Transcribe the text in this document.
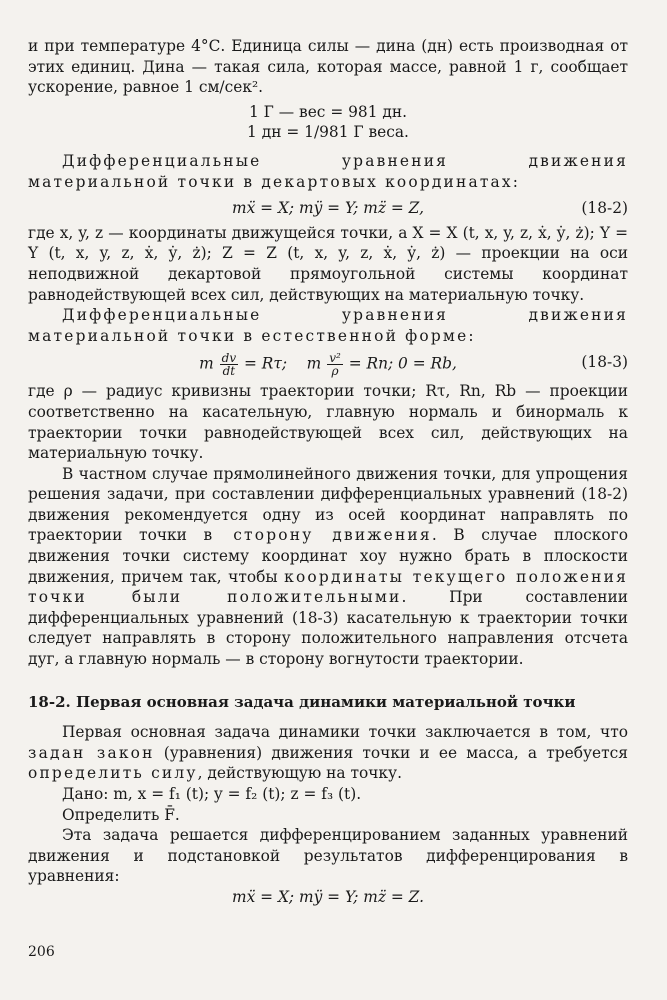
и при температуре 4°С. Единица силы — дина (дн) есть производная от этих единиц. Дина — такая сила, которая массе, равной 1 г, сообщает ускорение, равное 1 см/сек².

1 Г — вес = 981 дн.

1 дн = 1/981 Г веса.

Дифференциальные уравнения движения материальной точки в декартовых координатах:

mẍ = X; mÿ = Y; mz̈ = Z,	(18-2)

где x, y, z — координаты движущейся точки, а X = X (t, x, y, z, ẋ, ẏ, ż); Y = Y (t, x, y, z, ẋ, ẏ, ż); Z = Z (t, x, y, z, ẋ, ẏ, ż) — проекции на оси неподвижной декартовой прямоугольной системы координат равнодействующей всех сил, действующих на материальную точку.

Дифференциальные уравнения движения материальной точки в естественной форме:

m $\frac{dv}{dt} = R\tau$; m $\frac{\text{v²}}{\rho} = Rn$; 0 = Rb,	(18-3)

где ρ — радиус кривизны траектории точки; Rτ, Rn, Rb — проекции соответственно на касательную, главную нормаль и бинормаль к траектории точки равнодействующей всех сил, действующих на материальную точку.

В частном случае прямолинейного движения точки, для упрощения решения задачи, при составлении дифференциальных уравнений (18-2) движения рекомендуется одну из осей координат направлять по траектории точки в сторону движения. В случае плоского движения точки систему координат xoy нужно брать в плоскости движения, причем так, чтобы координаты текущего положения точки были положительными. При составлении дифференциальных уравнений (18-3) касательную к траектории точки следует направлять в сторону положительного направления отсчета дуг, а главную нормаль — в сторону вогнутости траектории.

18-2. Первая основная задача динамики материальной точки

Первая основная задача динамики точки заключается в том, что задан закон (уравнения) движения точки и ее масса, а требуется определить силу, действующую на точку.

Дано: m, x = f₁ (t); y = f₂ (t); z = f₃ (t).

Определить F̄.

Эта задача решается дифференцированием заданных уравнений движения и подстановкой результатов дифференцирования в уравнения:

mẍ = X; mÿ = Y; mz̈ = Z.

206
